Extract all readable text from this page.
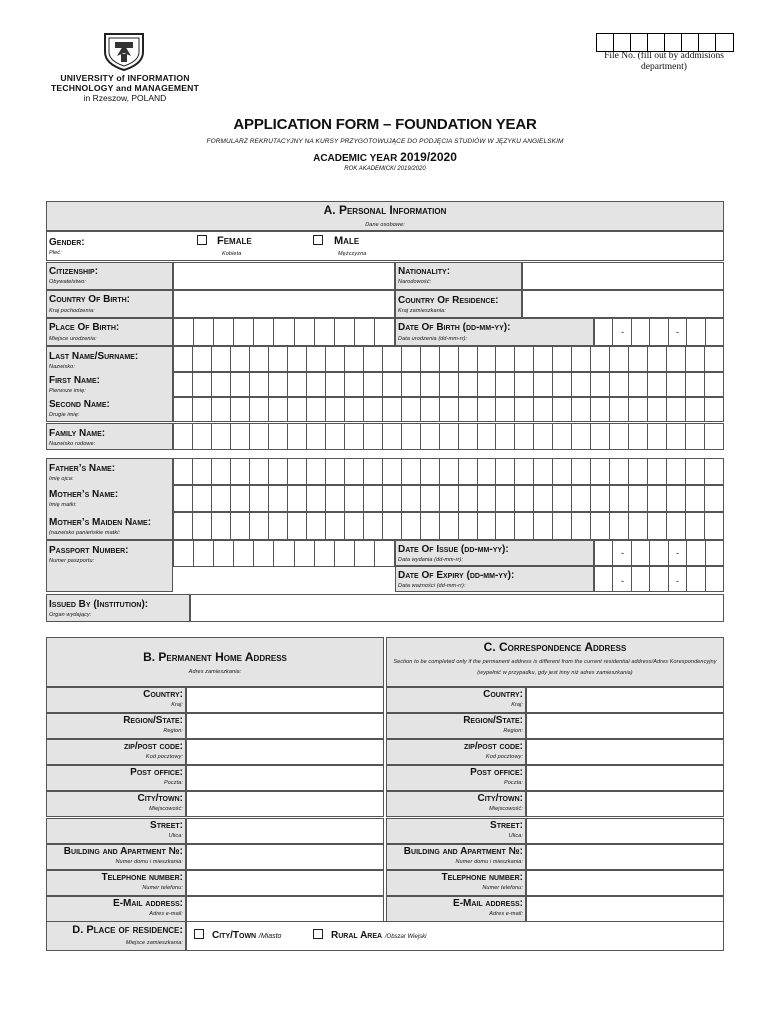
UNIVERSITY of INFORMATION
TECHNOLOGY and MANAGEMENT
in Rzeszow, POLAND
File No. (fill out by addmisions department)
APPLICATION FORM – FOUNDATION YEAR
FORMULARZ REKRUTACYJNY NA KURSY PRZYGOTOWUJĄCE DO PODJĘCIA STUDIÓW W JĘZYKU ANGIELSKIM
ACADEMIC YEAR 2019/2020
ROK AKADEMICKI 2019/2020
A. Personal Information
Dane osobowe:
Gender:
Płeć:
Female
Kobieta
Male
Mężczyzna
Citizenship:
Obywatelstwo:
Nationality:
Narodowość:
Country Of Birth:
Kraj pochodzenia:
Country Of Residence:
Kraj zamieszkania:
Place Of Birth:
Miejsce urodzenia:
Date Of Birth (dd-mm-yy):
Data urodzenia (dd-mm-rr):
-	-
Last Name/Surname:
Nazwisko:
First Name:
Pierwsze imię:
Second Name:
Drugie imię:
Family Name:
Nazwisko rodowe:
Father’s Name:
Imię ojca:
Mother’s Name:
Imię matki:
Mother’s Maiden Name:
(nazwisko panieńskie matki:
Passport Number:
Numer paszportu:
Date Of Issue (dd-mm-yy):
Data wydania (dd-mm-rr):
-	-
Date Of Expiry (dd-mm-yy):
Data ważności (dd-mm-rr):	-	-
Issued By (Institution):
Organ wydający:
B. Permanent Home Address
Adres zamieszkania:
C. Correspondence Address
Section to be completed only if the permanent address is different from the current residential address/Adres Korespondencyjny (wypełnić w przypadku, gdy jest inny niż adres zamieszkania)
Country:
Kraj:
Region/State:
Region:
zip/post code:
Kod pocztowy:
Post office:
Poczta:
City/town:
Miejscowość:
Street:
Ulica:
Building and Apartment №:
Numer domu i mieszkania:
Telephone number:
Numer telefonu:
E-Mail address:
Adres e-mail:
Country:
Kraj:
Region/State:
Region:
zip/post code:
Kod pocztowy:
Post office:
Poczta:
City/town:
Miejscowość:
Street:
Ulica:
Building and Apartment №:
Numer domu i mieszkania:
Telephone number:
Numer telefonu:
E-Mail address:
Adres e-mail:
D. Place of residence:
Miejsce zamieszkania:
City/Town /Miasto	Rural Area /Obszar Wiejski
